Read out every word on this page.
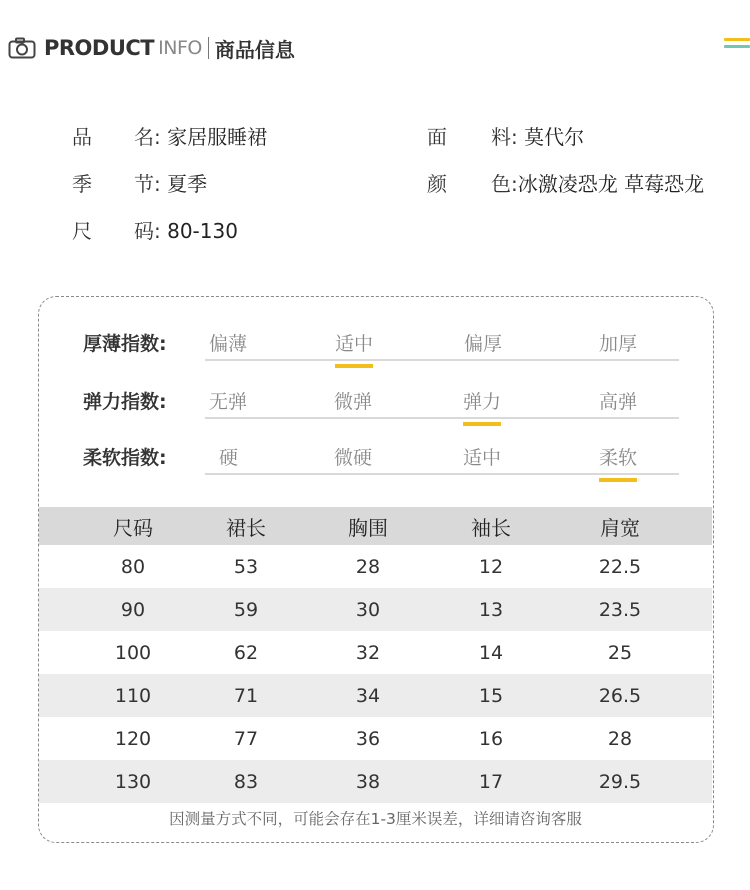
PRODUCT INFO 商品信息
品 名: 家居服睡裙	面 料: 莫代尔
季 节: 夏季	颜 色:冰激凌恐龙 草莓恐龙
尺 码: 80-130
厚薄指数: 偏薄	适中	偏厚	加厚
弹力指数: 无弹	微弹	弹力	高弹
柔软指数:	硬	微硬	适中	柔软
尺码	裙长	胸围	袖长	肩宽
80	53	28	12	22.5
90	59	30	13	23.5
100	62	32	14	25
110	71	34	15	26.5
120	77	36	16	28
130	83	38	17	29.5
因测量方式不同，可能会存在1-3厘米误差，详细请咨询客服
